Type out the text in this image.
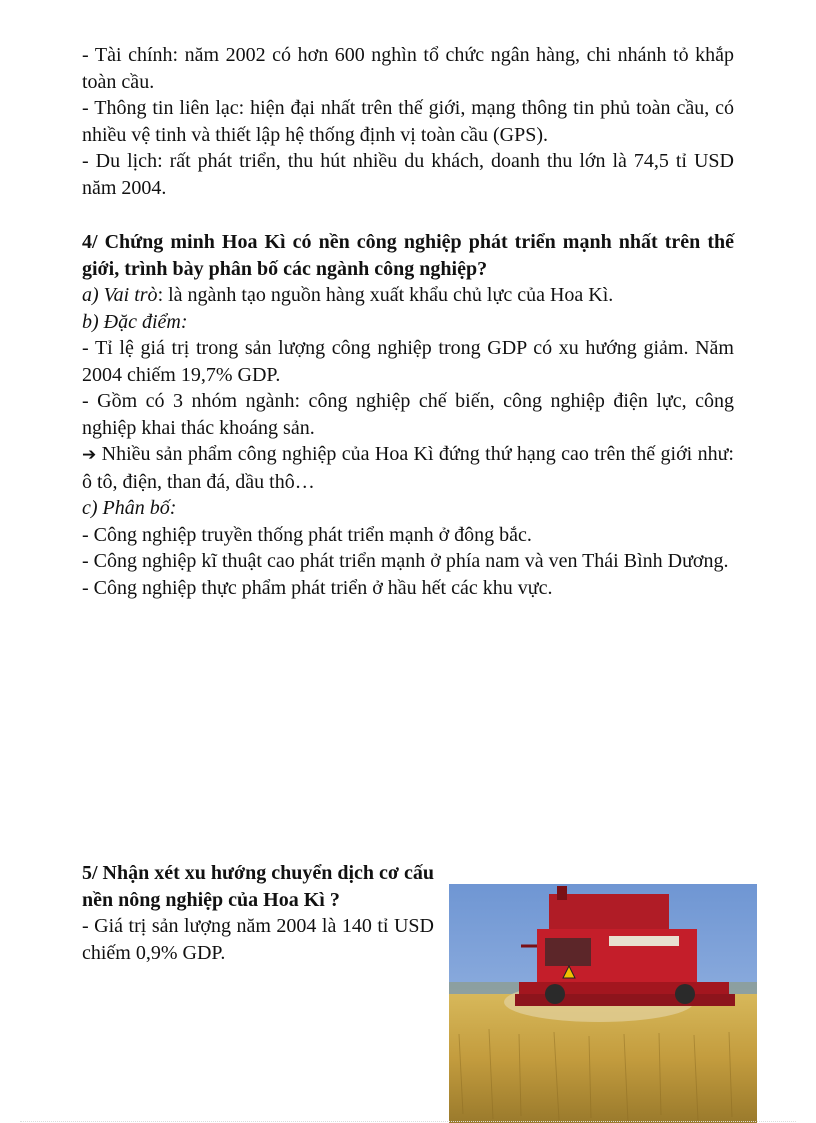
- Tài chính: năm 2002 có hơn 600 nghìn tổ chức ngân hàng, chi nhánh tỏ khắp toàn cầu.

- Thông tin liên lạc: hiện đại nhất trên thế giới, mạng thông tin phủ toàn cầu, có nhiều vệ tinh và thiết lập hệ thống định vị toàn cầu (GPS).

- Du lịch: rất phát triển, thu hút nhiều du khách, doanh thu lớn là 74,5 tỉ USD năm 2004.

4/ Chứng minh Hoa Kì có nền công nghiệp phát triển mạnh nhất trên thế giới, trình bày phân bố các ngành công nghiệp?

a) Vai trò: là ngành tạo nguồn hàng xuất khẩu chủ lực của Hoa Kì.

b) Đặc điểm:

- Tỉ lệ giá trị trong sản lượng công nghiệp trong GDP có xu hướng giảm. Năm 2004 chiếm 19,7% GDP.

- Gồm có 3 nhóm ngành: công nghiệp chế biến, công nghiệp điện lực, công nghiệp khai thác khoáng sản.

➔ Nhiều sản phẩm công nghiệp của Hoa Kì đứng thứ hạng cao trên thế giới như: ô tô, điện, than đá, dầu thô…

c) Phân bố:

- Công nghiệp truyền thống phát triển mạnh ở đông bắc.

- Công nghiệp kĩ thuật cao phát triển mạnh ở phía nam và ven Thái Bình Dương.

- Công nghiệp thực phẩm phát triển ở hầu hết các khu vực.

5/ Nhận xét xu hướng chuyển dịch cơ cấu nền nông nghiệp của Hoa Kì ?

- Giá trị sản lượng năm 2004 là 140 tỉ USD chiếm 0,9% GDP.
